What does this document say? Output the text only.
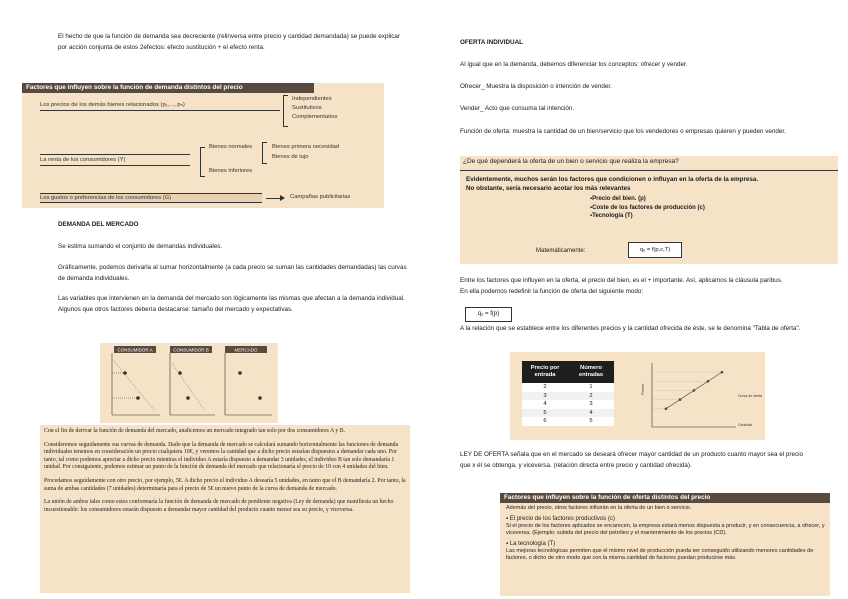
El hecho de que la función de demanda sea decreciente (relinversa entre precio y cantidad demandada) se puede explicar por acción conjunta de estos 2efectos: efecto sustitución + el efecto renta.

Factores que influyen sobre la función de demanda distintos del precio
Los precios de los demás bienes relacionados (p₁,..., pₙ)
Independientes
Sustitutivos
Complementarios
La renta de los consumidores (Y)
Bienes normales
Bienes inferiores
Bienes primera necesidad
Bienes de lujo
Los gustos o preferencias de los consumidores (G)	Campañas publicitarias

DEMANDA DEL MERCADO

Se estima sumando el conjunto de demandas individuales.

Gráficamente, podemos derivarla al sumar horizontalmente (a cada precio se suman las cantidades demandadas) las curvas de demanda individuales.

Las variables que intervienen en la demanda del mercado son lógicamente las mismas que afectan a la demanda individual. Algunos que otros factores debería destacarse: tamaño del mercado y expectativas.

CONSUMIDOR A	CONSUMIDOR B	MERCADO

Con el fin de derivar la función de demanda del mercado, analicemos un mercado integrado tan solo por dos consumidores A y B.

Consideremos seguidamente sus curvas de demanda. Dado que la demanda de mercado se calculará sumando horizontalmente las funciones de demanda individuales tenemos en consideración un precio cualquiera 10€, y veremos la cantidad que a dicho precio estarían dispuestos a demandar cada uno. Por tanto, tal como podemos apreciar a dicho precio mientras el individuo A estaría dispuesto a demandar 3 unidades, el individuo B tan solo demandaría 1 unidad. Por consiguiente, podemos estimar un punto de la función de demanda del mercado que relacionaría el precio de 10 con 4 unidades del bien.

Procedamos seguidamente con otro precio, por ejemplo, 5€. A dicho precio el individuo A desearía 5 unidades, en tanto que el B demandaría 2. Por tanto, la suma de ambas cantidades (7 unidades) determinaría para el precio de 5€ un nuevo punto de la curva de demanda de mercado.

La unión de ambos tales como estos conformaría la función de demanda de mercado de pendiente negativa (Ley de demanda) que manifiesta un hecho incuestionable: los consumidores estarán dispuesto a demandar mayor cantidad del producto cuanto menor sea su precio, y viceversa.

OFERTA INDIVIDUAL

Al igual que en la demanda, debemos diferenciar los conceptos: ofrecer y vender.

Ofrecer_ Muestra la disposición o intención de vender.

Vender_ Acto que consuma tal intención.

Función de oferta: muestra la cantidad de un bien/servicio que los vendedores o empresas quieren y pueden vender.

¿De qué dependerá la oferta de un bien o servicio que realiza la empresa?
Evidentemente, muchos serán los factores que condicionen o influyan en la oferta de la empresa.
No obstante, sería necesario acotar los más relevantes
▪Precio del bien. (p)
▪Coste de los factores de producción (c)
▪Tecnología (T)
Matemáticamente:	qₒ = f(p,c,T)

Entre los factores que influyen en la oferta, el precio del bien, es el + importante. Así, aplicamos la cláusula paribus. En ella podemos redefinir la función de oferta del siguiente modo:

qₒ = f(p)

A la relación que se establece entre los diferentes precios y la cantidad ofrecida de éste, se le denomina "Tabla de oferta".

Precio por entrada
Número entradas
2	1
3	2
4	3
5	4
6	5
Precio
Cantidad
Curva de oferta

LEY DE OFERTA señala que en el mercado se deseará ofrecer mayor cantidad de un producto cuanto mayor sea el precio que x él se obtenga, y viceversa. (relación directa entre precio y cantidad ofrecida).

Factores que influyen sobre la función de oferta distintos del precio
Además del precio, otros factores influirán en la oferta de un bien o servicio.
▪ El precio de los factores productivos (c)
Si el precio de los factores aplicados se encarecen, la empresa estará menos dispuesta a producir, y en consecuencia, a ofrecer, y viceversa. (Ejemplo: subida del precio del petróleo y el mantenimiento de los precios (CD).
▪ La tecnología (T)
Las mejoras tecnológicas permiten que el mismo nivel de producción pueda ser conseguido utilizando menores cantidades de factores, o dicho de otro modo que con la misma cantidad de factores puedan producirse más.
